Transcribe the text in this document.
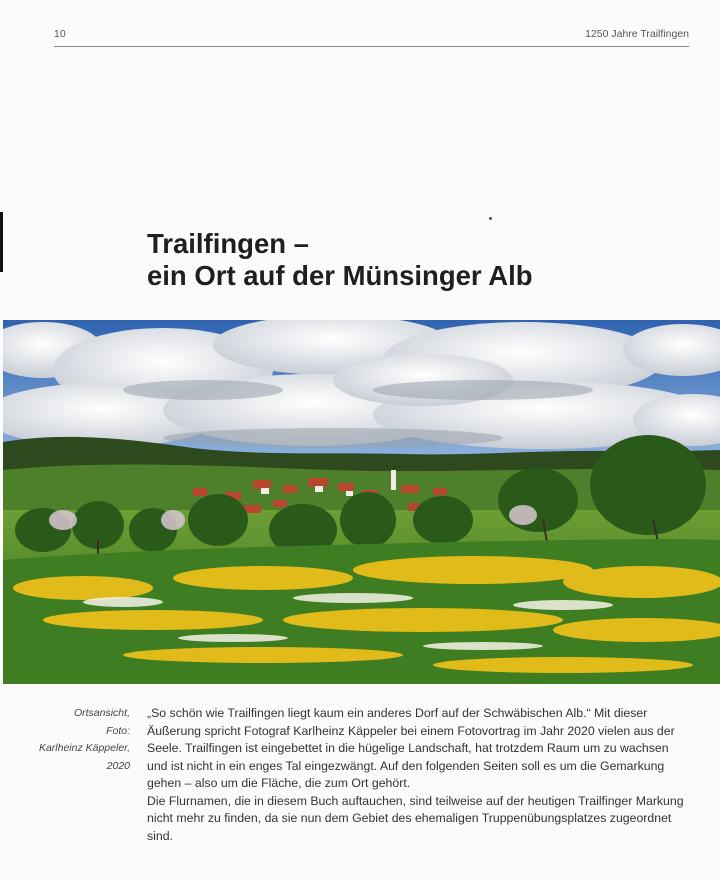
10	1250 Jahre Trailfingen
Trailfingen –
ein Ort auf der Münsinger Alb
Ortsansicht,
Foto:
Karlheinz Käppeler,
2020

„So schön wie Trailfingen liegt kaum ein anderes Dorf auf der Schwäbischen Alb.“ Mit dieser Äußerung spricht Fotograf Karlheinz Käppeler bei einem Fotovortrag im Jahr 2020 vielen aus der Seele. Trailfingen ist eingebettet in die hügelige Landschaft, hat trotzdem Raum um zu wachsen und ist nicht in ein enges Tal eingezwängt. Auf den folgenden Seiten soll es um die Gemarkung gehen – also um die Fläche, die zum Ort gehört.

Die Flurnamen, die in diesem Buch auftauchen, sind teilweise auf der heutigen Trailfinger Markung nicht mehr zu finden, da sie nun dem Gebiet des ehemaligen Truppenübungsplatzes zugeordnet sind.
